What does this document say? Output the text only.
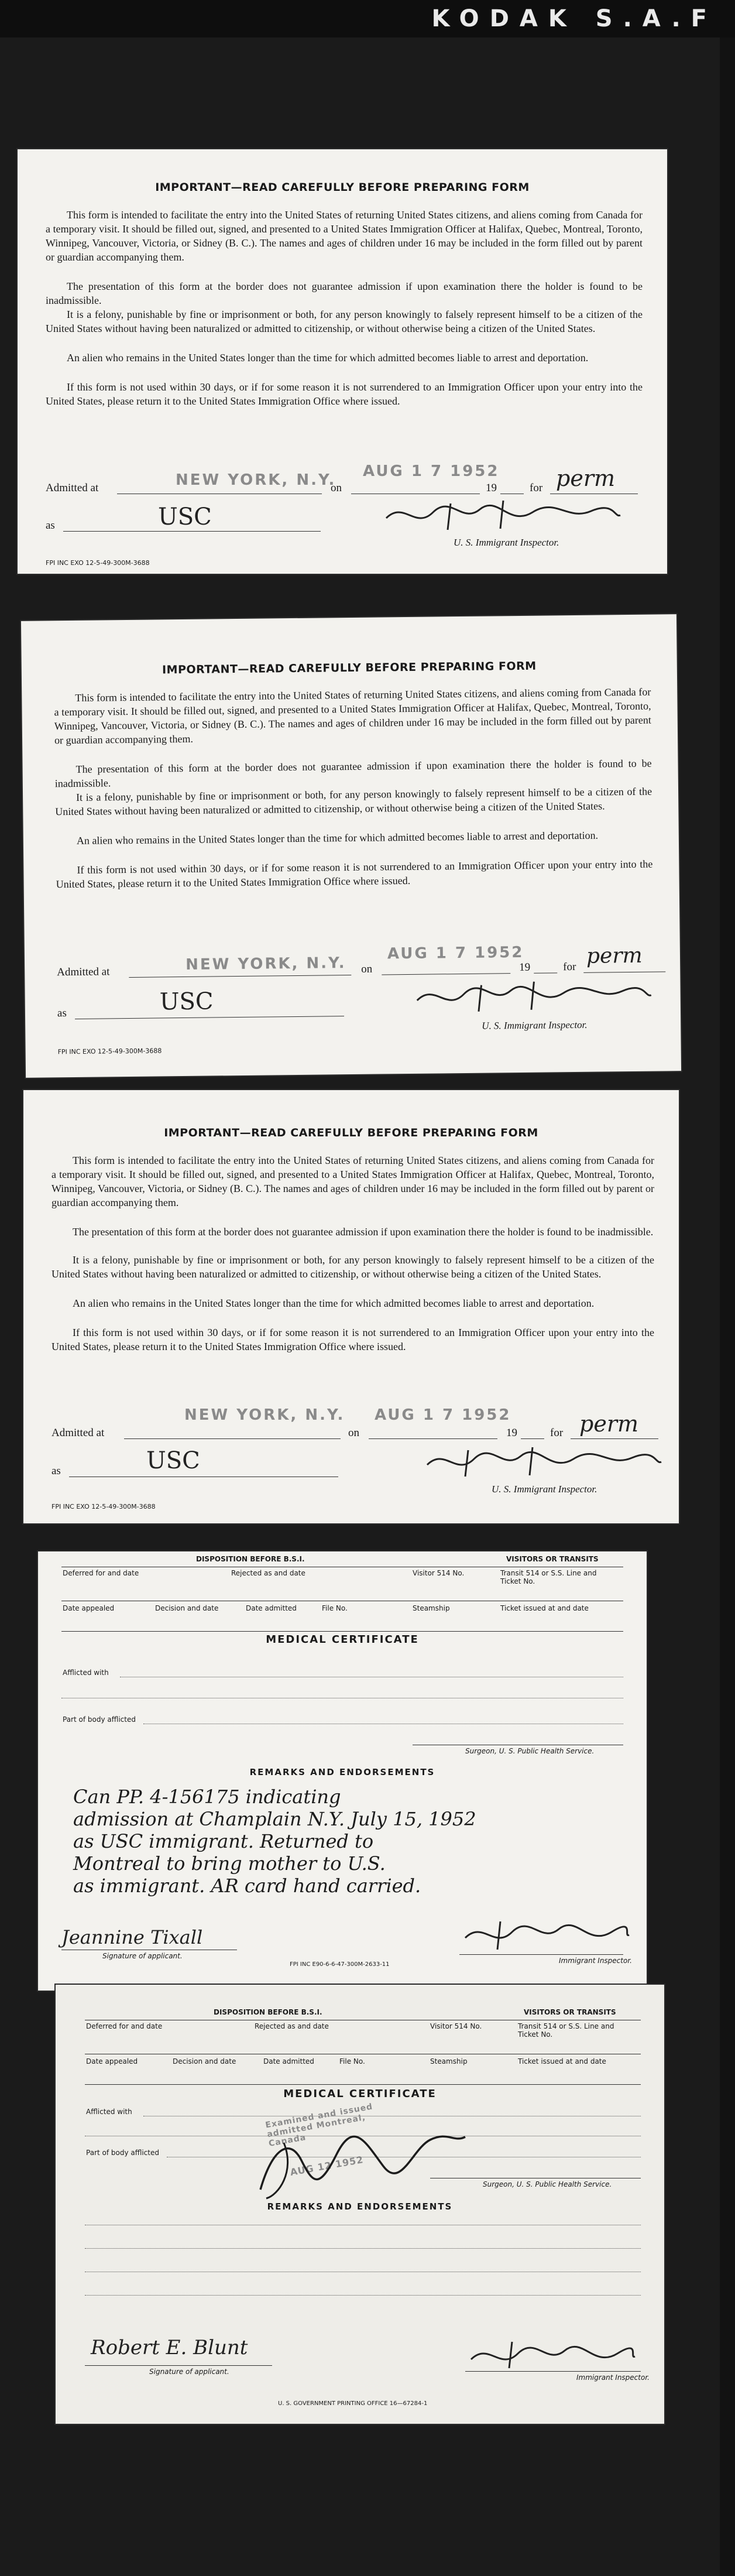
KODAK S.A.F
IMPORTANT—READ CAREFULLY BEFORE PREPARING FORM
This form is intended to facilitate the entry into the United States of returning United States citizens, and aliens coming from Canada for a temporary visit. It should be filled out, signed, and presented to a United States Immigration Officer at Halifax, Quebec, Montreal, Toronto, Winnipeg, Vancouver, Victoria, or Sidney (B. C.). The names and ages of children under 16 may be included in the form filled out by parent or guardian accompanying them.
The presentation of this form at the border does not guarantee admission if upon examination there the holder is found to be inadmissible.
It is a felony, punishable by fine or imprisonment or both, for any person knowingly to falsely represent himself to be a citizen of the United States without having been naturalized or admitted to citizenship, or without otherwise being a citizen of the United States.
An alien who remains in the United States longer than the time for which admitted becomes liable to arrest and deportation.
If this form is not used within 30 days, or if for some reason it is not surrendered to an Immigration Officer upon your entry into the United States, please return it to the United States Immigration Office where issued.
NEW YORK, N.Y. AUG 1 7 1952
Admitted at	on	19	for perm
as	USC
U. S. Immigrant Inspector.
FPI INC EXO 12-5-49-300M-3688
IMPORTANT—READ CAREFULLY BEFORE PREPARING FORM
This form is intended to facilitate the entry into the United States of returning United States citizens, and aliens coming from Canada for a temporary visit. It should be filled out, signed, and presented to a United States Immigration Officer at Halifax, Quebec, Montreal, Toronto, Winnipeg, Vancouver, Victoria, or Sidney (B. C.). The names and ages of children under 16 may be included in the form filled out by parent or guardian accompanying them.
The presentation of this form at the border does not guarantee admission if upon examination there the holder is found to be inadmissible.
It is a felony, punishable by fine or imprisonment or both, for any person knowingly to falsely represent himself to be a citizen of the United States without having been naturalized or admitted to citizenship, or without otherwise being a citizen of the United States.
An alien who remains in the United States longer than the time for which admitted becomes liable to arrest and deportation.
If this form is not used within 30 days, or if for some reason it is not surrendered to an Immigration Officer upon your entry into the United States, please return it to the United States Immigration Office where issued.
NEW YORK, N.Y.
AUG 1 7 1952
Admitted at	on	19	for perm
as	USC
U. S. Immigrant Inspector.
FPI INC EXO 12-5-49-300M-3688
IMPORTANT—READ CAREFULLY BEFORE PREPARING FORM
This form is intended to facilitate the entry into the United States of returning United States citizens, and aliens coming from Canada for a temporary visit. It should be filled out, signed, and presented to a United States Immigration Officer at Halifax, Quebec, Montreal, Toronto, Winnipeg, Vancouver, Victoria, or Sidney (B. C.). The names and ages of children under 16 may be included in the form filled out by parent or guardian accompanying them.
The presentation of this form at the border does not guarantee admission if upon examination there the holder is found to be inadmissible.
It is a felony, punishable by fine or imprisonment or both, for any person knowingly to falsely represent himself to be a citizen of the United States without having been naturalized or admitted to citizenship, or without otherwise being a citizen of the United States.
An alien who remains in the United States longer than the time for which admitted becomes liable to arrest and deportation.
If this form is not used within 30 days, or if for some reason it is not surrendered to an Immigration Officer upon your entry into the United States, please return it to the United States Immigration Office where issued.
NEW YORK, N.Y. AUG 1 7 1952
Admitted at	on	19	for perm
as	USC
U. S. Immigrant Inspector.
FPI INC EXO 12-5-49-300M-3688
DISPOSITION BEFORE B.S.I.	VISITORS OR TRANSITS
Deferred for and date	Rejected as and date	Visitor 514 No.	Transit 514 or S.S. Line and Ticket No.
Date appealed	Decision and date	Date admitted	File No.	Steamship	Ticket issued at and date
MEDICAL CERTIFICATE
Afflicted with
Part of body afflicted
Surgeon, U. S. Public Health Service.
REMARKS AND ENDORSEMENTS
Can PP. 4-156175 indicating
admission at Champlain N.Y. July 15, 1952
as USC immigrant. Returned to
Montreal to bring mother to U.S.
as immigrant. AR card hand carried.
Jeannine Tixall
Signature of applicant.
Immigrant Inspector.
FPI INC E90-6-6-47-300M-2633-11
DISPOSITION BEFORE B.S.I.	VISITORS OR TRANSITS
Deferred for and date	Rejected as and date	Visitor 514 No.	Transit 514 or S.S. Line and Ticket No.
Date appealed	Decision and date	Date admitted	File No.	Steamship	Ticket issued at and date
MEDICAL CERTIFICATE
Afflicted with	Examined and issued admitted Montreal, Canada
AUG 12 1952
Part of body afflicted
Surgeon, U. S. Public Health Service.
REMARKS AND ENDORSEMENTS
Robert E. Blunt
Signature of applicant.
Immigrant Inspector.
U. S. GOVERNMENT PRINTING OFFICE 16—67284-1
